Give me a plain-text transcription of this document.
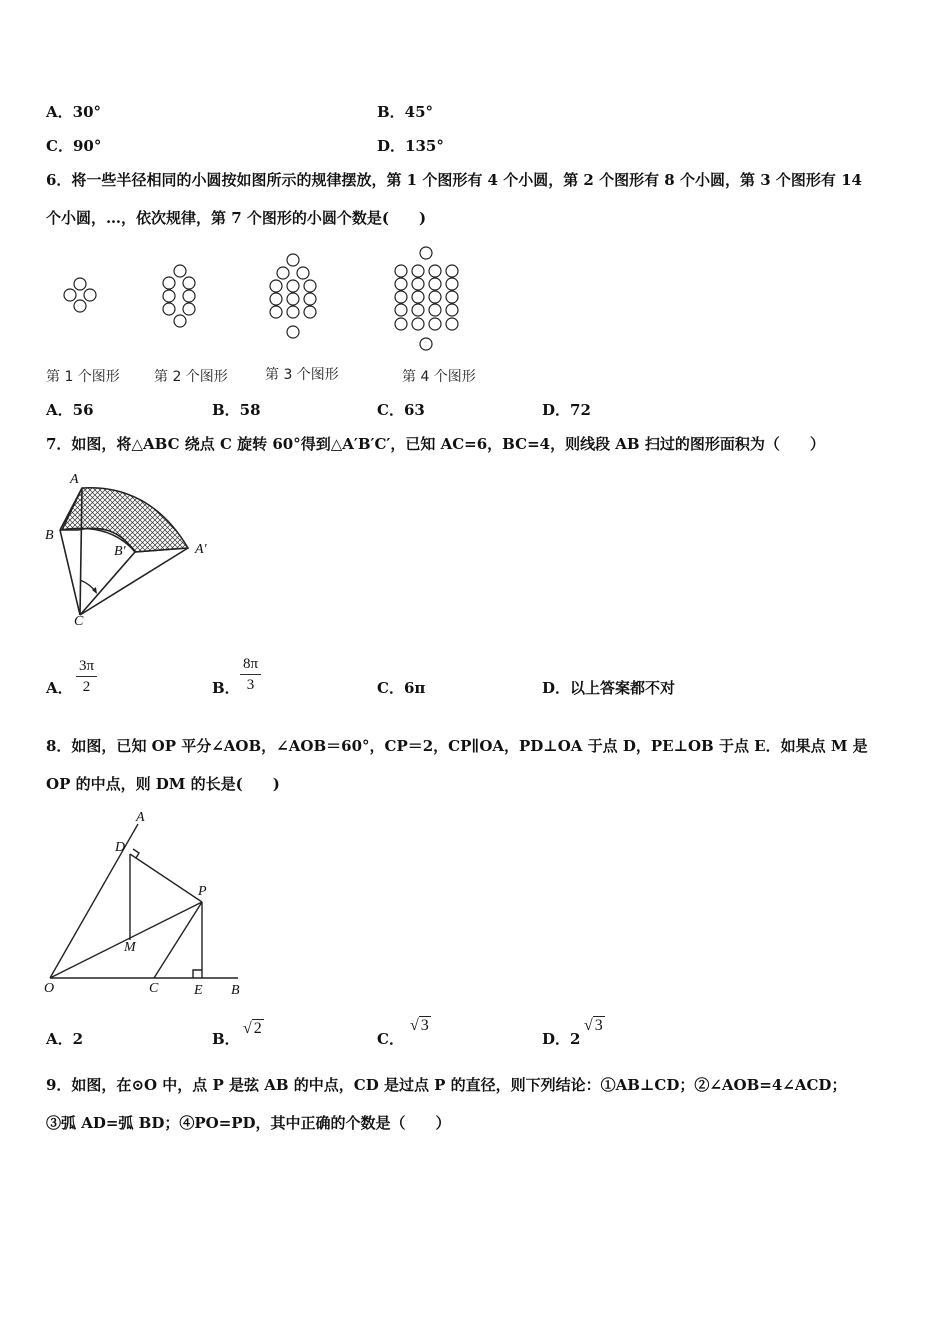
A．30°	B．45°
C．90°	D．135°
6．将一些半径相同的小圆按如图所示的规律摆放，第 1 个图形有 4 个小圆，第 2 个图形有 8 个小圆，第 3 个图形有 14
个小圆，…，依次规律，第 7 个图形的小圆个数是(　　)
第 1 个图形 第 2 个图形	第 3 个图形	第 4 个图形
A．56	B．58	C．63	D．72
7．如图，将△ABC 绕点 C 旋转 60°得到△A′B′C′，已知 AC=6，BC=4，则线段 AB 扫过的图形面积为（　　）
A
B
B′	A′
C
A． $\frac{3\pi}{2}$	B． $\frac{8\pi}{3}$	C．6π	D．以上答案都不对
8．如图，已知 OP 平分∠AOB，∠AOB＝60°，CP＝2，CP∥OA，PD⊥OA 于点 D，PE⊥OB 于点 E．如果点 M 是
OP 的中点，则 DM 的长是(　　)
A
D
P
M
O	C	E B
A．2	B．
√ 2
C．
√ 3
D．2
√ 3
9．如图，在⊙O 中，点 P 是弦 AB 的中点，CD 是过点 P 的直径，则下列结论：①AB⊥CD；②∠AOB=4∠ACD；
③弧 AD=弧 BD；④PO=PD，其中正确的个数是（　　）
